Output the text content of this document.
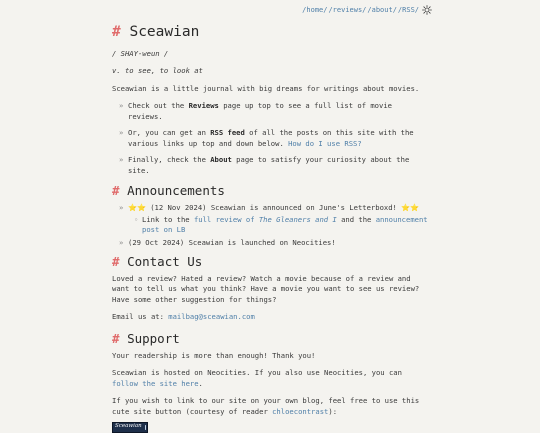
/home/ /reviews/ /about/ /RSS/
# Sceawian

/ SHAY-weun /

v. to see, to look at

Sceawian is a little journal with big dreams for writings about movies.

» Check out the Reviews page up top to see a full list of movie reviews.
» Or, you can get an RSS feed of all the posts on this site with the various links up top and down below. How do I use RSS?
» Finally, check the About page to satisfy your curiosity about the site.
# Announcements
» ⭐⭐ (12 Nov 2024) Sceawian is announced on June's Letterboxd! ⭐⭐
◦ Link to the full review of The Gleaners and I and the announcement post on LB
» (29 Oct 2024) Sceawian is launched on Neocities!
# Contact Us

Loved a review? Hated a review? Watch a movie because of a review and want to tell us what you think? Have a movie you want to see us review? Have some other suggestion for things?

Email us at: mailbag@sceawian.com

# Support

Your readership is more than enough! Thank you!

Sceawian is hosted on Neocities. If you also use Neocities, you can follow the site here.

If you wish to link to our site on your own blog, feel free to use this cute site button (courtesy of reader chloecontrast):

Sceawian
